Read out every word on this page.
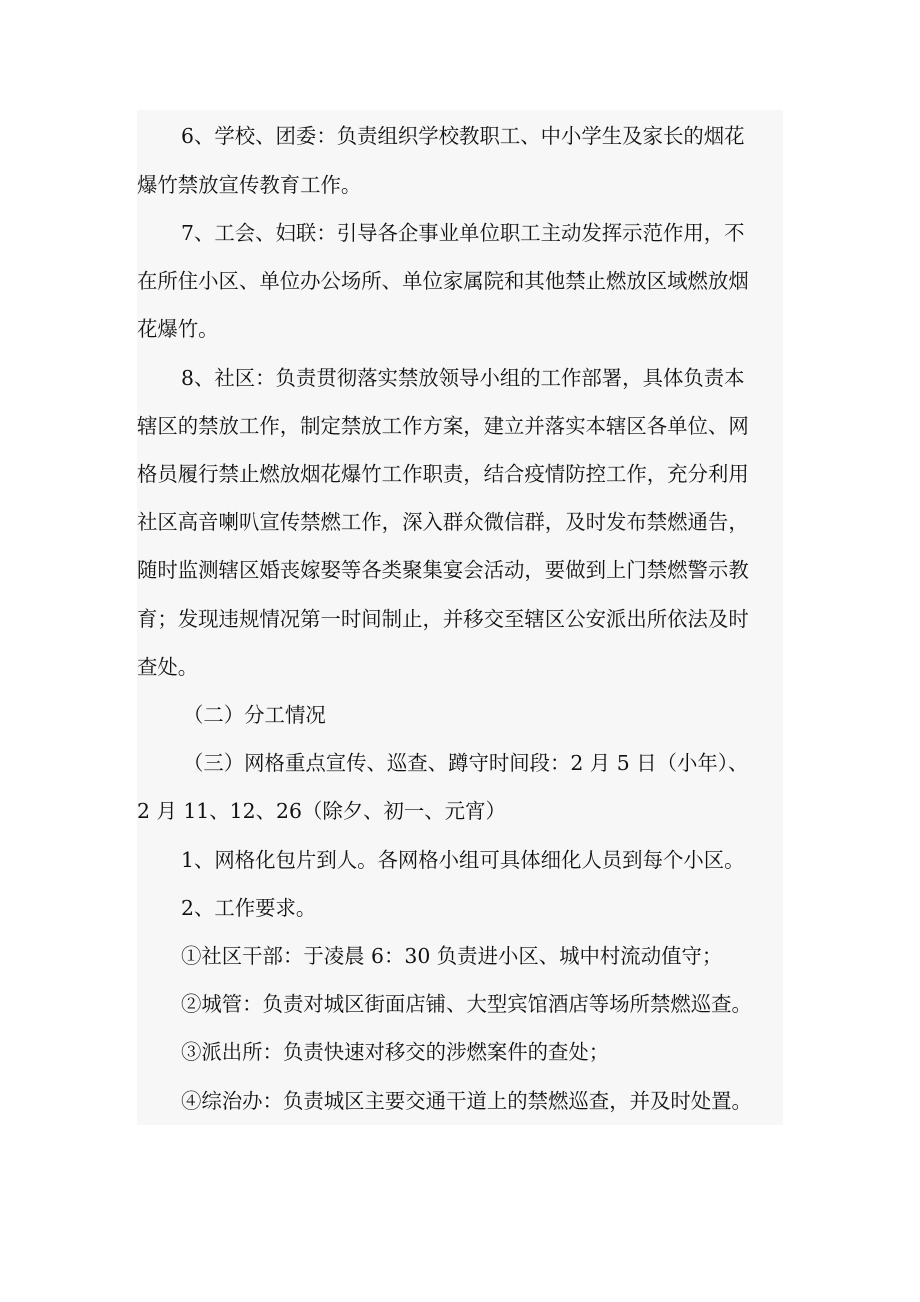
6、学校、团委：负责组织学校教职工、中小学生及家长的烟花

爆竹禁放宣传教育工作。

7、工会、妇联：引导各企事业单位职工主动发挥示范作用，不

在所住小区、单位办公场所、单位家属院和其他禁止燃放区域燃放烟

花爆竹。

8、社区：负责贯彻落实禁放领导小组的工作部署，具体负责本

辖区的禁放工作，制定禁放工作方案，建立并落实本辖区各单位、网

格员履行禁止燃放烟花爆竹工作职责，结合疫情防控工作，充分利用

社区高音喇叭宣传禁燃工作，深入群众微信群，及时发布禁燃通告，

随时监测辖区婚丧嫁娶等各类聚集宴会活动，要做到上门禁燃警示教

育；发现违规情况第一时间制止，并移交至辖区公安派出所依法及时

查处。

（二）分工情况

（三）网格重点宣传、巡查、蹲守时间段：2 月 5 日（小年）、

2 月 11、12、26（除夕、初一、元宵）

1、网格化包片到人。各网格小组可具体细化人员到每个小区。

2、工作要求。

①社区干部：于凌晨 6：30 负责进小区、城中村流动值守；

②城管：负责对城区街面店铺、大型宾馆酒店等场所禁燃巡查。

③派出所：负责快速对移交的涉燃案件的查处；

④综治办：负责城区主要交通干道上的禁燃巡查，并及时处置。
